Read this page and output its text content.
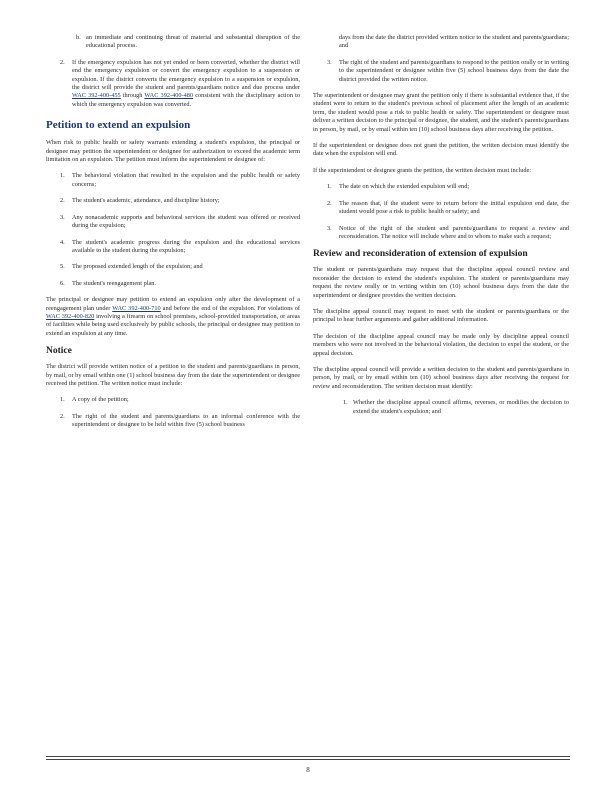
b. an immediate and continuing threat of material and substantial disruption of the educational process.
2. If the emergency expulsion has not yet ended or been converted, whether the district will end the emergency expulsion or convert the emergency expulsion to a suspension or expulsion. If the district converts the emergency expulsion to a suspension or expulsion, the district will provide the student and parents/guardians notice and due process under WAC 392-400-455 through WAC 392-400-480 consistent with the disciplinary action to which the emergency expulsion was converted.
Petition to extend an expulsion

When risk to public health or safety warrants extending a student's expulsion, the principal or designee may petition the superintendent or designee for authorization to exceed the academic term limitation on an expulsion. The petition must inform the superintendent or designee of:

1. The behavioral violation that resulted in the expulsion and the public health or safety concerns;
2. The student's academic, attendance, and discipline history;
3. Any nonacademic supports and behavioral services the student was offered or received during the expulsion;
4. The student's academic progress during the expulsion and the educational services available to the student during the expulsion;
5. The proposed extended length of the expulsion; and
6. The student's reengagement plan.

The principal or designee may petition to extend an expulsion only after the development of a reengagement plan under WAC 392-400-710 and before the end of the expulsion. For violations of WAC 392-400-820 involving a firearm on school premises, school-provided transportation, or areas of facilities while being used exclusively by public schools, the principal or designee may petition to extend an expulsion at any time.

Notice

The district will provide written notice of a petition to the student and parents/guardians in person, by mail, or by email within one (1) school business day from the date the superintendent or designee received the petition. The written notice must include:

1. A copy of the petition;
2. The right of the student and parents/guardians to an informal conference with the superintendent or designee to be held within five (5) school business
days from the date the district provided written notice to the student and parents/guardians; and
3. The right of the student and parents/guardians to respond to the petition orally or in writing to the superintendent or designee within five (5) school business days from the date the district provided the written notice.

The superintendent or designee may grant the petition only if there is substantial evidence that, if the student were to return to the student's previous school of placement after the length of an academic term, the student would pose a risk to public health or safety. The superintendent or designee must deliver a written decision to the principal or designee, the student, and the student's parents/guardians in person, by mail, or by email within ten (10) school business days after receiving the petition.

If the superintendent or designee does not grant the petition, the written decision must identify the date when the expulsion will end.

If the superintendent or designee grants the petition, the written decision must include:

1. The date on which the extended expulsion will end;
2. The reason that, if the student were to return before the initial expulsion end date, the student would pose a risk to public health or safety; and
3. Notice of the right of the student and parents/guardians to request a review and reconsideration. The notice will include where and to whom to make such a request;
Review and reconsideration of extension of expulsion

The student or parents/guardians may request that the discipline appeal council review and reconsider the decision to extend the student's expulsion. The student or parents/guardians may request the review orally or in writing within ten (10) school business days from the date the superintendent or designee provides the written decision.

The discipline appeal council may request to meet with the student or parents/guardians or the principal to hear further arguments and gather additional information.

The decision of the discipline appeal council may be made only by discipline appeal council members who were not involved in the behavioral violation, the decision to expel the student, or the appeal decision.

The discipline appeal council will provide a written decision to the student and parents/guardians in person, by mail, or by email within ten (10) school business days after receiving the request for review and reconsideration. The written decision must identify:

1. Whether the discipline appeal council affirms, reverses, or modifies the decision to extend the student's expulsion; and
8
